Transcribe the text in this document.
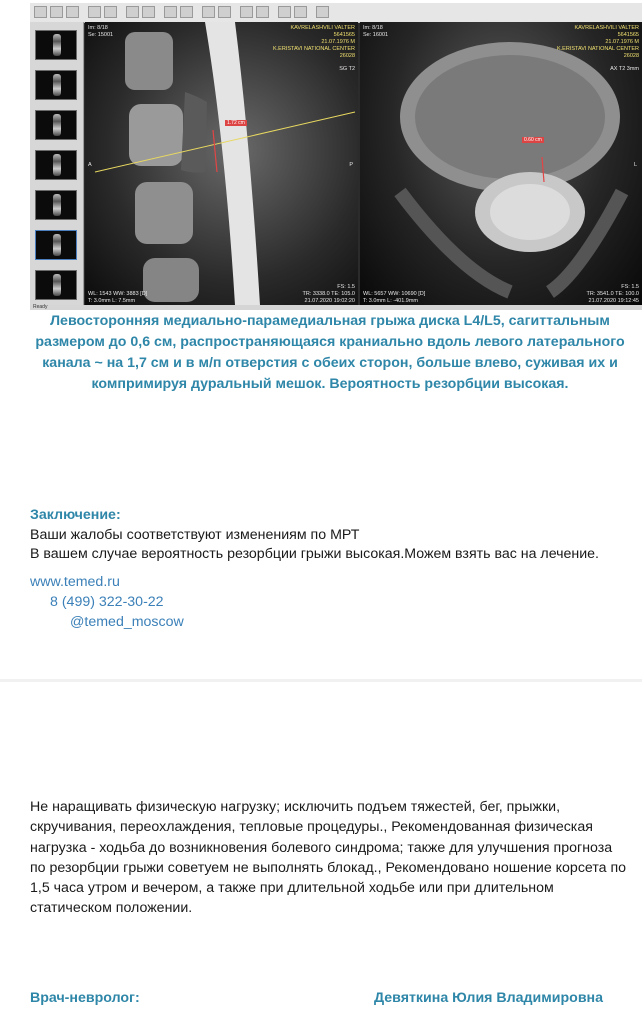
Im: 8/18
Se: 15001
KAVRELASHVILI VALTER
5641565
21.07.1976 M
K.ERISTAVI NATIONAL CENTER
26028
SG T2
1.72 cm
A	P
FS: 1.5
TR: 3338.0 TE: 105.0
WL: 1543 WW: 3883 [D]
T: 3.0mm L: 7.5mm	21.07.2020 19:02:20
Im: 8/18
Se: 16001
KAVRELASHVILI VALTER
5641565
21.07.1976 M
K.ERISTAVI NATIONAL CENTER
26028
AX T2 3mm
0.60 cm
L
FS: 1.5
TR: 3541.0 TE: 100.0
WL: 5657 WW: 10690 [D]
T: 3.0mm L: -401.9mm	21.07.2020 19:12:45
Ready
Левосторонняя медиально-парамедиальная грыжа диска L4/L5, сагиттальным размером до 0,6 см, распространяющаяся краниально вдоль левого латерального канала ~ на 1,7 см и в м/п отверстия с обеих сторон, больше влево, суживая их и компримируя дуральный мешок. Вероятность резорбции высокая.
Заключение:
Ваши жалобы соответствуют изменениям по МРТ
В вашем случае вероятность резорбции грыжи высокая.Можем взять вас на лечение.
www.temed.ru
8 (499) 322-30-22
@temed_moscow
Не наращивать физическую нагрузку; исключить подъем тяжестей, бег, прыжки, скручивания, переохлаждения, тепловые процедуры., Рекомендованная физическая нагрузка - ходьба до возникновения болевого синдрома; также для улучшения прогноза по резорбции грыжи советуем не выполнять блокад., Рекомендовано ношение корсета по 1,5 часа утром и вечером, а также при длительной ходьбе или при длительном статическом положении.
Врач-невролог:	Девяткина Юлия Владимировна
